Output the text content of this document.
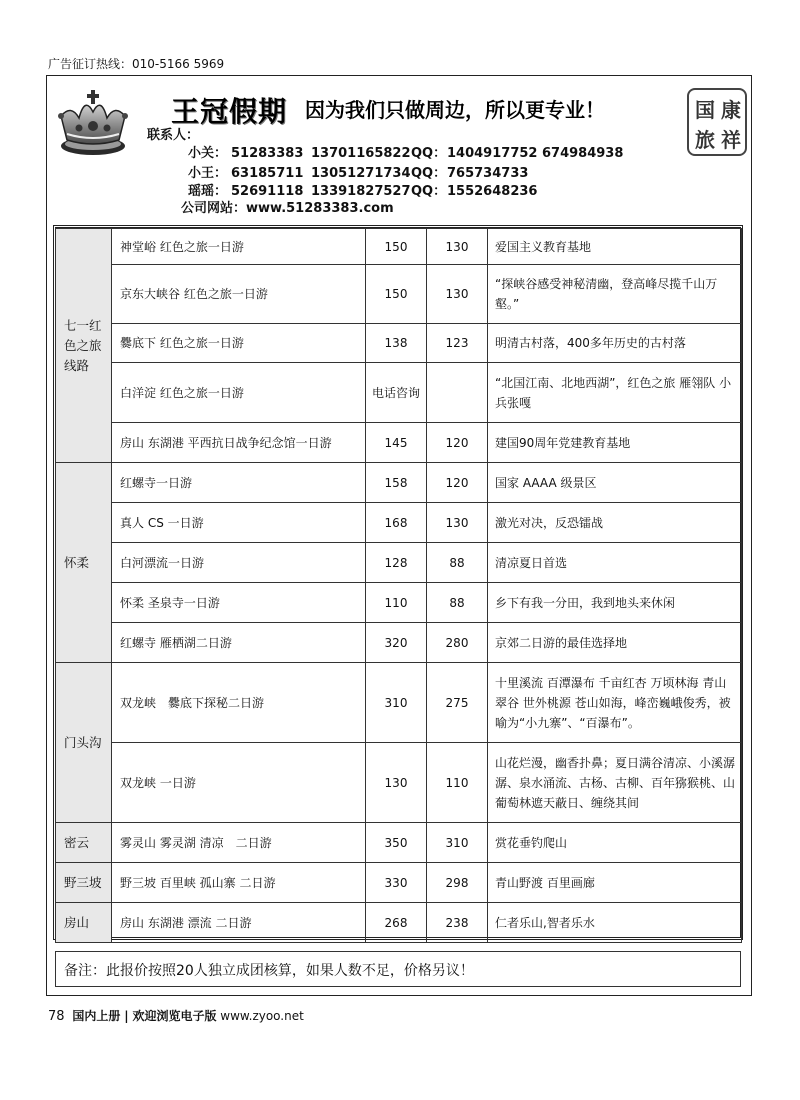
广告征订热线：010-5166 5969
王冠假期 因为我们只做周边，所以更专业！
联系人：
小关： 51283383 13701165822QQ：1404917752 674984938
小王： 63185711 13051271734QQ：765734733
瑶瑶： 52691118 13391827527QQ：1552648236
公司网站：www.51283383.com
国 康
旅 祥
七一红色之旅线路	神堂峪 红色之旅一日游	150	130	爱国主义教育基地
	京东大峡谷 红色之旅一日游	150	130	“探峡谷感受神秘清幽，登高峰尽揽千山万壑。”
	爨底下 红色之旅一日游	138	123	明清古村落，400多年历史的古村落
	白洋淀 红色之旅一日游	电话咨询		“北国江南、北地西湖”，红色之旅 雁翎队 小兵张嘎
	房山 东湖港 平西抗日战争纪念馆一日游	145	120	建国90周年党建教育基地
怀柔	红螺寺一日游	158	120	国家 AAAA 级景区
	真人 CS 一日游	168	130	激光对决，反恐镭战
	白河漂流一日游	128	88	清凉夏日首选
	怀柔 圣泉寺一日游	110	88	乡下有我一分田，我到地头来休闲
	红螺寺 雁栖湖二日游	320	280	京郊二日游的最佳选择地
门头沟	双龙峡　爨底下探秘二日游	310	275	十里溪流 百潭瀑布 千亩红杏 万顷林海 青山翠谷 世外桃源 苍山如海，峰峦巍峨俊秀，被喻为“小九寨”、“百瀑布”。
	双龙峡 一日游	130	110	山花烂漫，幽香扑鼻；夏日满谷清凉、小溪潺潺、泉水涌流、古杨、古柳、百年猕猴桃、山葡萄林遮天蔽日、缠绕其间
密云	雾灵山 雾灵湖 清凉　二日游	350	310	赏花垂钓爬山
野三坡	野三坡 百里峡 孤山寨 二日游	330	298	青山野渡 百里画廊
房山	房山 东湖港 漂流 二日游	268	238	仁者乐山,智者乐水
备注：此报价按照20人独立成团核算，如果人数不足，价格另议！
78 国内上册 | 欢迎浏览电子版 www.zyoo.net
